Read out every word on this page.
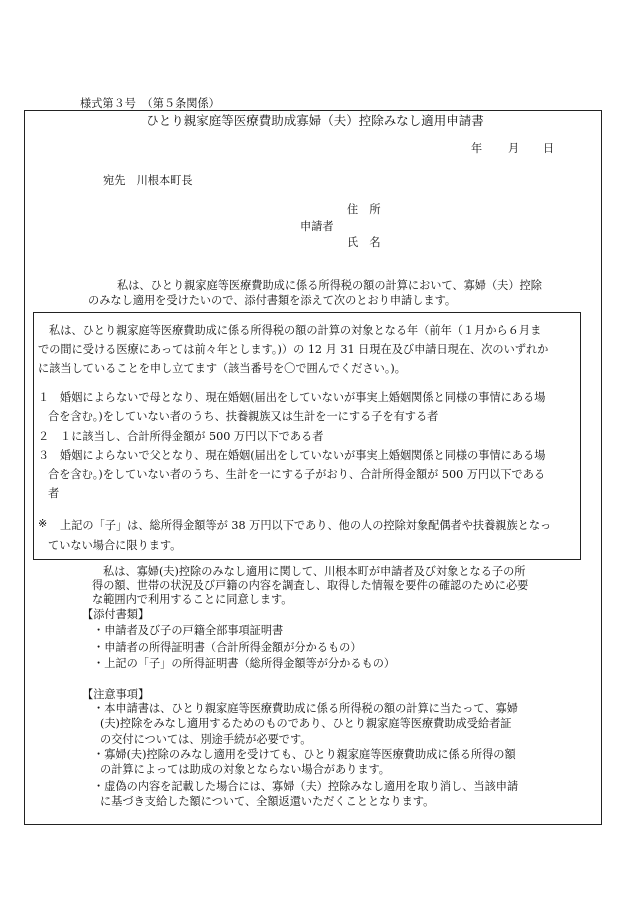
様式第３号　（第５条関係）
ひとり親家庭等医療費助成寡婦（夫）控除みなし適用申請書
年 月 日
宛先　川根本町長
住　所
申請者
氏　名
私は、ひとり親家庭等医療費助成に係る所得税の額の計算において、寡婦（夫）控除
のみなし適用を受けたいので、添付書類を添えて次のとおり申請します。
私は、ひとり親家庭等医療費助成に係る所得税の額の計算の対象となる年（前年（１月から６月ま
での間に受ける医療にあっては前々年とします。)）の 12 月 31 日現在及び申請日現在、次のいずれか
に該当していることを申し立てます（該当番号を〇で囲んでください。)。
１ 婚姻によらないで母となり、現在婚姻(届出をしていないが事実上婚姻関係と同様の事情にある場
合を含む。)をしていない者のうち、扶養親族又は生計を一にする子を有する者
２ １に該当し、合計所得金額が 500 万円以下である者
３ 婚姻によらないで父となり、現在婚姻(届出をしていないが事実上婚姻関係と同様の事情にある場
合を含む。)をしていない者のうち、生計を一にする子がおり、合計所得金額が 500 万円以下である
者
※ 上記の「子」は、総所得金額等が 38 万円以下であり、他の人の控除対象配偶者や扶養親族となっ
ていない場合に限ります。
私は、寡婦(夫)控除のみなし適用に関して、川根本町が申請者及び対象となる子の所
得の額、世帯の状況及び戸籍の内容を調査し、取得した情報を要件の確認のために必要
な範囲内で利用することに同意します。
【添付書類】
・申請者及び子の戸籍全部事項証明書
・申請者の所得証明書（合計所得金額が分かるもの）
・上記の「子」の所得証明書（総所得金額等が分かるもの）
【注意事項】
・本申請書は、ひとり親家庭等医療費助成に係る所得税の額の計算に当たって、寡婦
(夫)控除をみなし適用するためのものであり、ひとり親家庭等医療費助成受給者証
の交付については、別途手続が必要です。
・寡婦(夫)控除のみなし適用を受けても、ひとり親家庭等医療費助成に係る所得の額
の計算によっては助成の対象とならない場合があります。
・虚偽の内容を記載した場合には、寡婦（夫）控除みなし適用を取り消し、当該申請
に基づき支給した額について、全額返還いただくこととなります。
